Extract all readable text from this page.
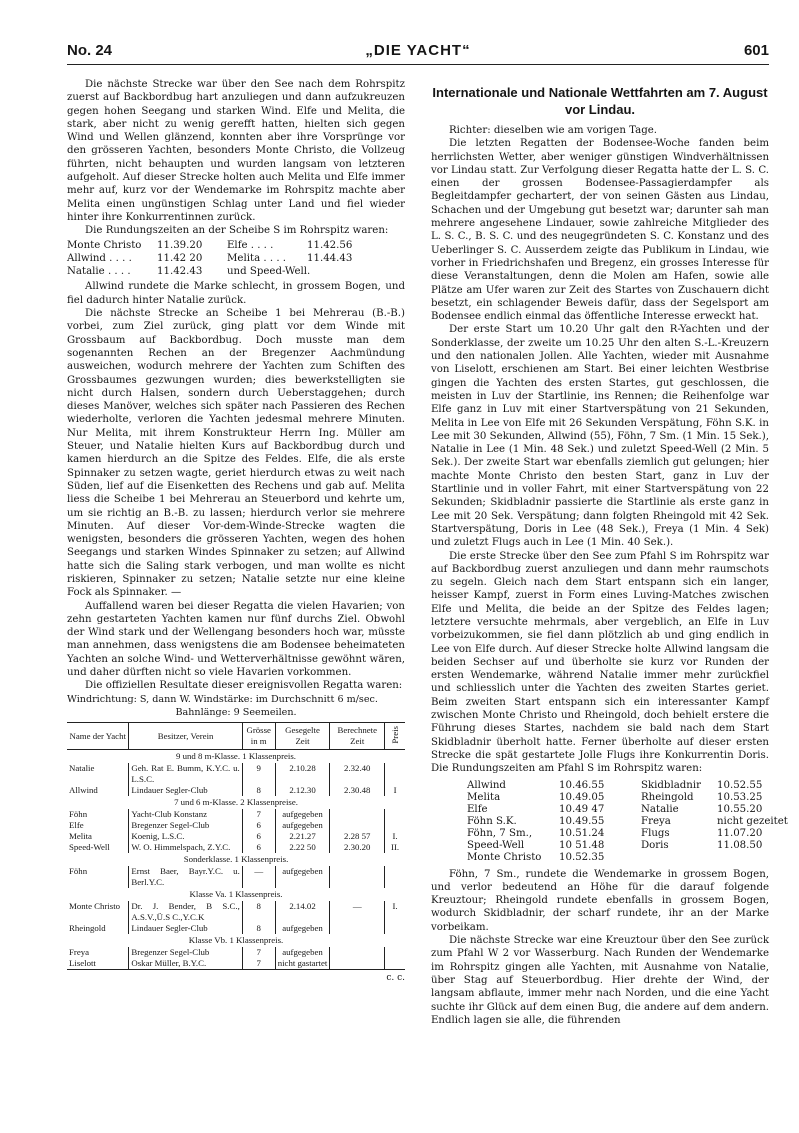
No. 24	„DIE YACHT“	601

Die nächste Strecke war über den See nach dem Rohrspitz zuerst auf Backbordbug hart anzuliegen und dann aufzukreuzen gegen hohen Seegang und starken Wind. Elfe und Melita, die stark, aber nicht zu wenig gerefft hatten, hielten sich gegen Wind und Wellen glänzend, konnten aber ihre Vorsprünge vor den grösseren Yachten, besonders Monte Christo, die Vollzeug führten, nicht behaupten und wurden langsam von letzteren aufgeholt. Auf dieser Strecke holten auch Melita und Elfe immer mehr auf, kurz vor der Wendemarke im Rohrspitz machte aber Melita einen ungünstigen Schlag unter Land und fiel wieder hinter ihre Konkurrentinnen zurück.

Die Rundungszeiten an der Scheibe S im Rohrspitz waren:

Monte Christo	11.39.20	Elfe . . . .	11.42.56
Allwind . . . .	11.42 20	Melita . . . .	11.44.43
Natalie . . . .	11.42.43	und Speed-Well.

Allwind rundete die Marke schlecht, in grossem Bogen, und fiel dadurch hinter Natalie zurück.

Die nächste Strecke an Scheibe 1 bei Mehrerau (B.-B.) vorbei, zum Ziel zurück, ging platt vor dem Winde mit Grossbaum auf Backbordbug. Doch musste man dem sogenannten Rechen an der Bregenzer Aachmündung ausweichen, wodurch mehrere der Yachten zum Schiften des Grossbaumes gezwungen wurden; dies bewerkstelligten sie nicht durch Halsen, sondern durch Ueberstaggehen; durch dieses Manöver, welches sich später nach Passieren des Rechen wiederholte, verloren die Yachten jedesmal mehrere Minuten. Nur Melita, mit ihrem Konstrukteur Herrn Ing. Müller am Steuer, und Natalie hielten Kurs auf Backbordbug durch und kamen hierdurch an die Spitze des Feldes. Elfe, die als erste Spinnaker zu setzen wagte, geriet hierdurch etwas zu weit nach Süden, lief auf die Eisenketten des Rechens und gab auf. Melita liess die Scheibe 1 bei Mehrerau an Steuerbord und kehrte um, um sie richtig an B.-B. zu lassen; hierdurch verlor sie mehrere Minuten. Auf dieser Vor-dem-Winde-Strecke wagten die wenigsten, besonders die grösseren Yachten, wegen des hohen Seegangs und starken Windes Spinnaker zu setzen; auf Allwind hatte sich die Saling stark verbogen, und man wollte es nicht riskieren, Spinnaker zu setzen; Natalie setzte nur eine kleine Fock als Spinnaker. —

Auffallend waren bei dieser Regatta die vielen Havarien; von zehn gestarteten Yachten kamen nur fünf durchs Ziel. Obwohl der Wind stark und der Wellengang besonders hoch war, müsste man annehmen, dass wenigstens die am Bodensee beheimateten Yachten an solche Wind- und Wetterverhältnisse gewöhnt wären, und daher dürften nicht so viele Havarien vorkommen.

Die offiziellen Resultate dieser ereignisvollen Regatta waren:

Windrichtung: S, dann W. Windstärke: im Durchschnitt 6 m/sec.

Bahnlänge: 9 Seemeilen.

Name der Yacht	Besitzer, Verein	Grösse in m	Gesegelte Zeit	Berechnete Zeit	Preis
9 und 8 m-Klasse. 1 Klassenpreis.					
Natalie	Geh. Rat E. Bumm, K.Y.C. u. L.S.C.	9	2.10.28	2.32.40	
Allwind	Lindauer Segler-Club	8	2.12.30	2.30.48	I
7 und 6 m-Klasse. 2 Klassenpreise.					
Föhn	Yacht-Club Konstanz	7	aufgegeben		
Elfe	Bregenzer Segel-Club	6	aufgegeben		
Melita	Koenig, L.S.C.	6	2.21.27	2.28 57	I.
Speed-Well	W. O. Himmelspach, Z.Y.C.	6	2.22 50	2.30.20	II.
Sonderklasse. 1 Klassenpreis.					
Föhn	Ernst Baer, Bayr.Y.C. u. Berl.Y.C.	—	aufgegeben		
Klasse Va. 1 Klassenpreis.					
Monte Christo	Dr. J. Bender, B S.C., A.S.V.,Ü.S C.,Y.C.K	8	2.14.02	—	I.
Rheingold	Lindauer Segler-Club	8	aufgegeben		
Klasse Vb. 1 Klassenpreis.					
Freya	Bregenzer Segel-Club	7	aufgegeben		
Liselott	Oskar Müller, B.Y.C.	7	nicht gastartet		
c. c.
Internationale und Nationale Wettfahrten am 7. August vor Lindau.

Richter: dieselben wie am vorigen Tage.

Die letzten Regatten der Bodensee-Woche fanden beim herrlichsten Wetter, aber weniger günstigen Windverhältnissen vor Lindau statt. Zur Verfolgung dieser Regatta hatte der L. S. C. einen der grossen Bodensee-Passagierdampfer als Begleitdampfer gechartert, der von seinen Gästen aus Lindau, Schachen und der Umgebung gut besetzt war; darunter sah man mehrere angesehene Lindauer, sowie zahlreiche Mitglieder des L. S. C., B. S. C. und des neugegründeten S. C. Konstanz und des Ueberlinger S. C. Ausserdem zeigte das Publikum in Lindau, wie vorher in Friedrichshafen und Bregenz, ein grosses Interesse für diese Veranstaltungen, denn die Molen am Hafen, sowie alle Plätze am Ufer waren zur Zeit des Startes von Zuschauern dicht besetzt, ein schlagender Beweis dafür, dass der Segelsport am Bodensee endlich einmal das öffentliche Interesse erweckt hat.

Der erste Start um 10.20 Uhr galt den R-Yachten und der Sonderklasse, der zweite um 10.25 Uhr den alten S.-L.-Kreuzern und den nationalen Jollen. Alle Yachten, wieder mit Ausnahme von Liselott, erschienen am Start. Bei einer leichten Westbrise gingen die Yachten des ersten Startes, gut geschlossen, die meisten in Luv der Startlinie, ins Rennen; die Reihenfolge war Elfe ganz in Luv mit einer Startverspätung von 21 Sekunden, Melita in Lee von Elfe mit 26 Sekunden Verspätung, Föhn S.K. in Lee mit 30 Sekunden, Allwind (55), Föhn, 7 Sm. (1 Min. 15 Sek.), Natalie in Lee (1 Min. 48 Sek.) und zuletzt Speed-Well (2 Min. 5 Sek.). Der zweite Start war ebenfalls ziemlich gut gelungen; hier machte Monte Christo den besten Start, ganz in Luv der Startlinie und in voller Fahrt, mit einer Startverspätung von 22 Sekunden; Skidbladnir passierte die Startlinie als erste ganz in Lee mit 20 Sek. Verspätung; dann folgten Rheingold mit 42 Sek. Startverspätung, Doris in Lee (48 Sek.), Freya (1 Min. 4 Sek) und zuletzt Flugs auch in Lee (1 Min. 40 Sek.).

Die erste Strecke über den See zum Pfahl S im Rohrspitz war auf Backbordbug zuerst anzuliegen und dann mehr raumschots zu segeln. Gleich nach dem Start entspann sich ein langer, heisser Kampf, zuerst in Form eines Luving-Matches zwischen Elfe und Melita, die beide an der Spitze des Feldes lagen; letztere versuchte mehrmals, aber vergeblich, an Elfe in Luv vorbeizukommen, sie fiel dann plötzlich ab und ging endlich in Lee von Elfe durch. Auf dieser Strecke holte Allwind langsam die beiden Sechser auf und überholte sie kurz vor Runden der ersten Wendemarke, während Natalie immer mehr zurückfiel und schliesslich unter die Yachten des zweiten Startes geriet. Beim zweiten Start entspann sich ein interessanter Kampf zwischen Monte Christo und Rheingold, doch behielt erstere die Führung dieses Startes, nachdem sie bald nach dem Start Skidbladnir überholt hatte. Ferner überholte auf dieser ersten Strecke die spät gestartete Jolle Flugs ihre Konkurrentin Doris. Die Rundungszeiten am Pfahl S im Rohrspitz waren:

Allwind	10.46.55	Skidbladnir	10.52.55
Melita	10.49.05	Rheingold	10.53.25
Elfe	10.49 47	Natalie	10.55.20
Föhn S.K.	10.49.55	Freya	nicht gezeitet
Föhn, 7 Sm.,	10.51.24	Flugs	11.07.20
Speed-Well	10 51.48	Doris	11.08.50
Monte Christo	10.52.35

Föhn, 7 Sm., rundete die Wendemarke in grossem Bogen, und verlor bedeutend an Höhe für die darauf folgende Kreuztour; Rheingold rundete ebenfalls in grossem Bogen, wodurch Skidbladnir, der scharf rundete, ihr an der Marke vorbeikam.

Die nächste Strecke war eine Kreuztour über den See zurück zum Pfahl W 2 vor Wasserburg. Nach Runden der Wendemarke im Rohrspitz gingen alle Yachten, mit Ausnahme von Natalie, über Stag auf Steuerbordbug. Hier drehte der Wind, der langsam abflaute, immer mehr nach Norden, und die eine Yacht suchte ihr Glück auf dem einen Bug, die andere auf dem andern. Endlich lagen sie alle, die führenden
